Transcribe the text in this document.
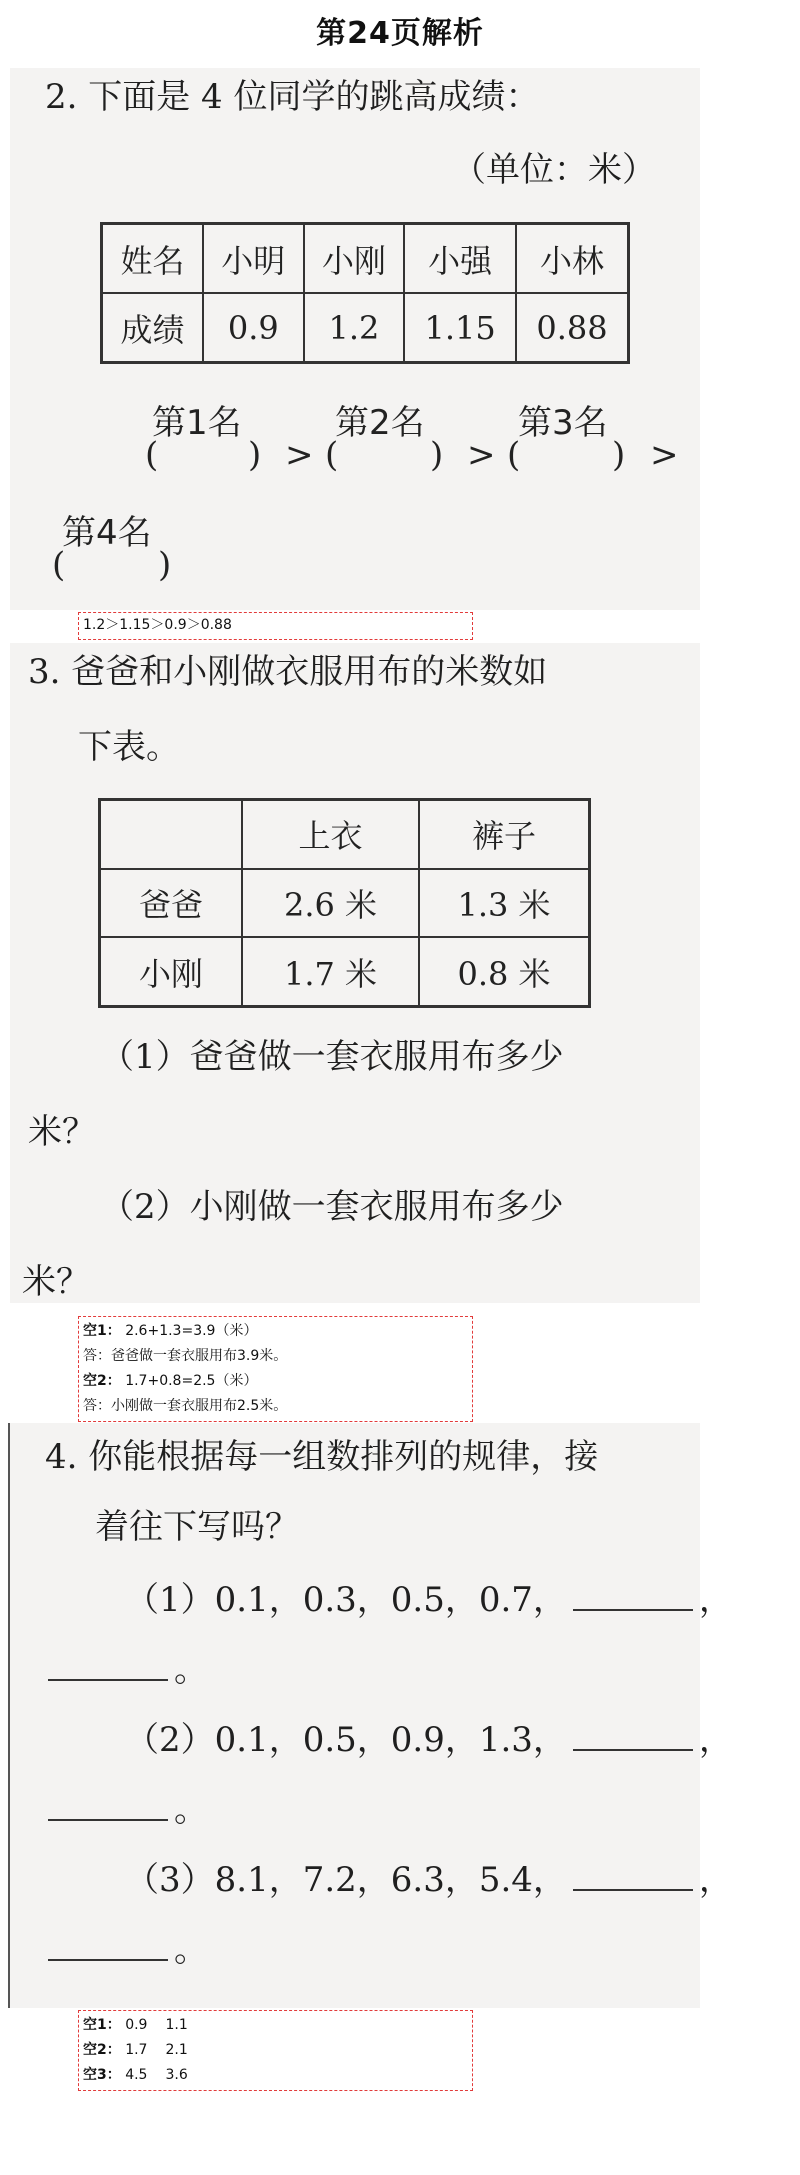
第24页解析
2. 下面是 4 位同学的跳高成绩：
（单位：米）
姓名	小明	小刚	小强	小林
成绩	0.9	1.2	1.15	0.88
第1名	第2名	第3名
(	) > (	) > (	) >
第4名
(	)
1.2＞1.15＞0.9＞0.88
3. 爸爸和小刚做衣服用布的米数如
下表。
	上衣	裤子
爸爸	2.6 米	1.3 米
小刚	1.7 米	0.8 米
（1）爸爸做一套衣服用布多少
米？
（2）小刚做一套衣服用布多少
米？
空1： 2.6+1.3=3.9（米）
答：爸爸做一套衣服用布3.9米。
空2： 1.7+0.8=2.5（米）
答：小刚做一套衣服用布2.5米。
4. 你能根据每一组数排列的规律，接
着往下写吗？
（1）0.1，0.3，0.5，0.7，	，
。
（2）0.1，0.5，0.9，1.3，	，
。
（3）8.1，7.2，6.3，5.4，	，
。
空1： 0.9 1.1
空2： 1.7 2.1
空3： 4.5 3.6
